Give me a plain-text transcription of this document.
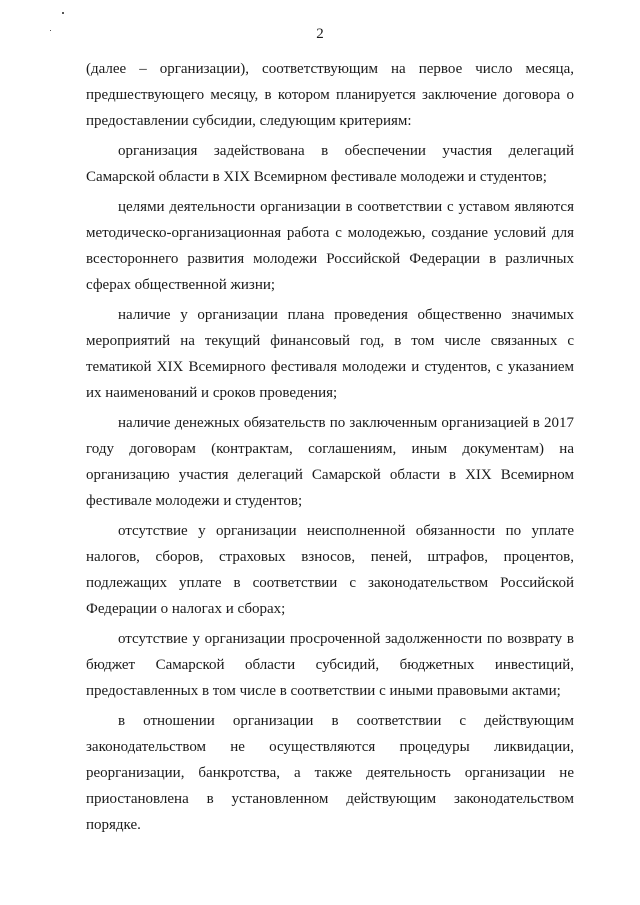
2

(далее – организации), соответствующим на первое число месяца, предшествующего месяцу, в котором планируется заключение договора о предоставлении субсидии, следующим критериям:

организация задействована в обеспечении участия делегаций Самарской области в XIX Всемирном фестивале молодежи и студентов;

целями деятельности организации в соответствии с уставом являются методическо-организационная работа с молодежью, создание условий для всестороннего развития молодежи Российской Федерации в различных сферах общественной жизни;

наличие у организации плана проведения общественно значимых мероприятий на текущий финансовый год, в том числе связанных с тематикой XIX Всемирного фестиваля молодежи и студентов, с указанием их наименований и сроков проведения;

наличие денежных обязательств по заключенным организацией в 2017 году договорам (контрактам, соглашениям, иным документам) на организацию участия делегаций Самарской области в XIX Всемирном фестивале молодежи и студентов;

отсутствие у организации неисполненной обязанности по уплате налогов, сборов, страховых взносов, пеней, штрафов, процентов, подлежащих уплате в соответствии с законодательством Российской Федерации о налогах и сборах;

отсутствие у организации просроченной задолженности по возврату в бюджет Самарской области субсидий, бюджетных инвестиций, предоставленных в том числе в соответствии с иными правовыми актами;

в отношении организации в соответствии с действующим законодательством не осуществляются процедуры ликвидации, реорганизации, банкротства, а также деятельность организации не приостановлена в установленном действующим законодательством порядке.
